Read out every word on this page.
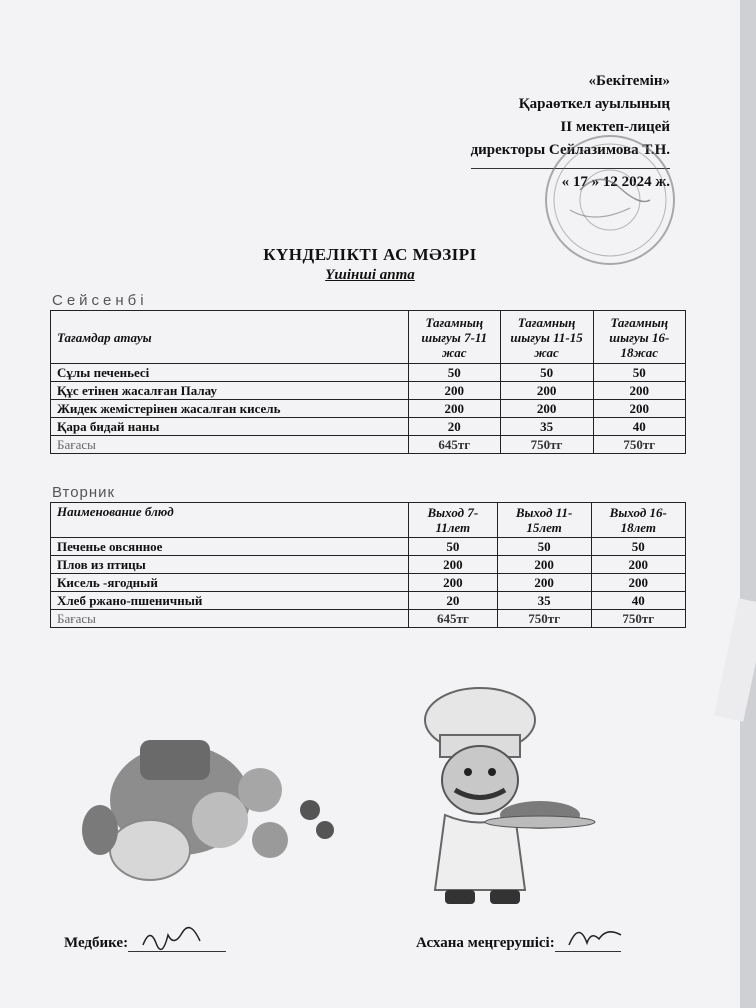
«Бекітемін»
Қараөткел ауылының
ІІ мектеп-лицей
директоры Сейлазимова Т.Н.
« 17 » 12 2024 ж.
КҮНДЕЛІКТІ АС МӘЗІРІ
Үшінші апта
Сейсенбі
Тағамдар атауы	Тағамның шығуы 7-11 жас	Тағамның шығуы 11-15 жас	Тағамның шығуы 16-18жас
Сұлы печеньесі	50	50	50
Құс етінен жасалған Палау	200	200	200
Жидек жемістерінен жасалған кисель	200	200	200
Қара бидай наны	20	35	40
Бағасы	645тг	750тг	750тг
Вторник
Наименование блюд	Выход 7-11лет	Выход 11-15лет	Выход 16-18лет
Печенье овсянное	50	50	50
Плов из птицы	200	200	200
Кисель -ягодный	200	200	200
Хлеб ржано-пшеничный	20	35	40
Бағасы	645тг	750тг	750тг
Медбике:	Асхана меңгерушісі:
